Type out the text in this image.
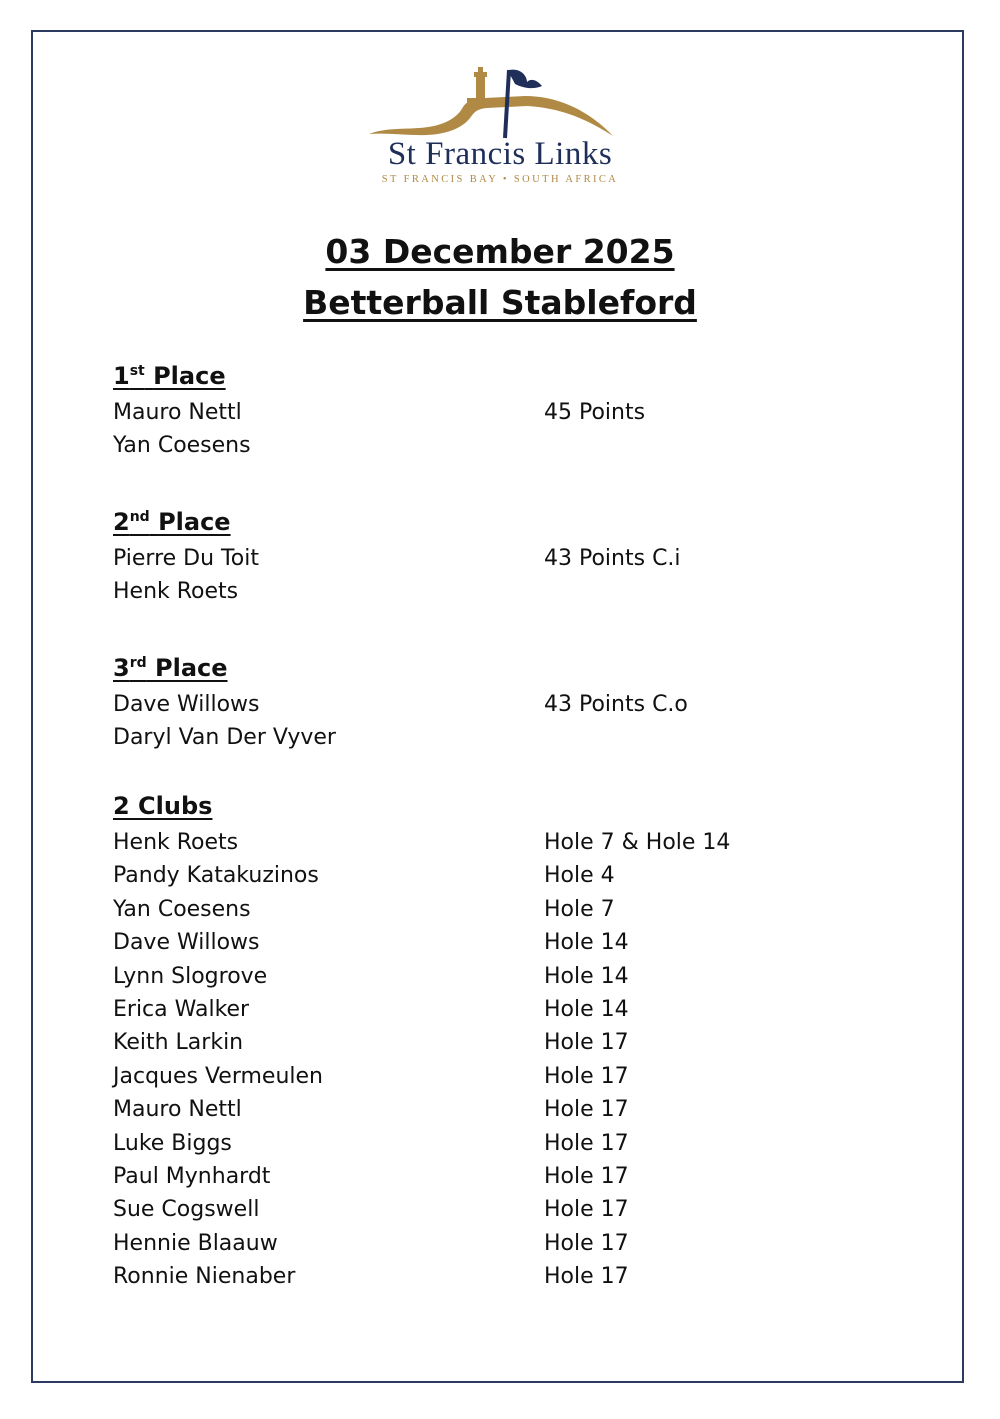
St Francis Links
ST FRANCIS BAY • SOUTH AFRICA
03 December 2025
Betterball Stableford
1st Place
Mauro Nettl	45 Points
Yan Coesens
2nd Place
Pierre Du Toit	43 Points C.i
Henk Roets
3rd Place
Dave Willows	43 Points C.o
Daryl Van Der Vyver
2 Clubs
Henk Roets	Hole 7 & Hole 14
Pandy Katakuzinos	Hole 4
Yan Coesens	Hole 7
Dave Willows	Hole 14
Lynn Slogrove	Hole 14
Erica Walker	Hole 14
Keith Larkin	Hole 17
Jacques Vermeulen	Hole 17
Mauro Nettl	Hole 17
Luke Biggs	Hole 17
Paul Mynhardt	Hole 17
Sue Cogswell	Hole 17
Hennie Blaauw	Hole 17
Ronnie Nienaber	Hole 17
